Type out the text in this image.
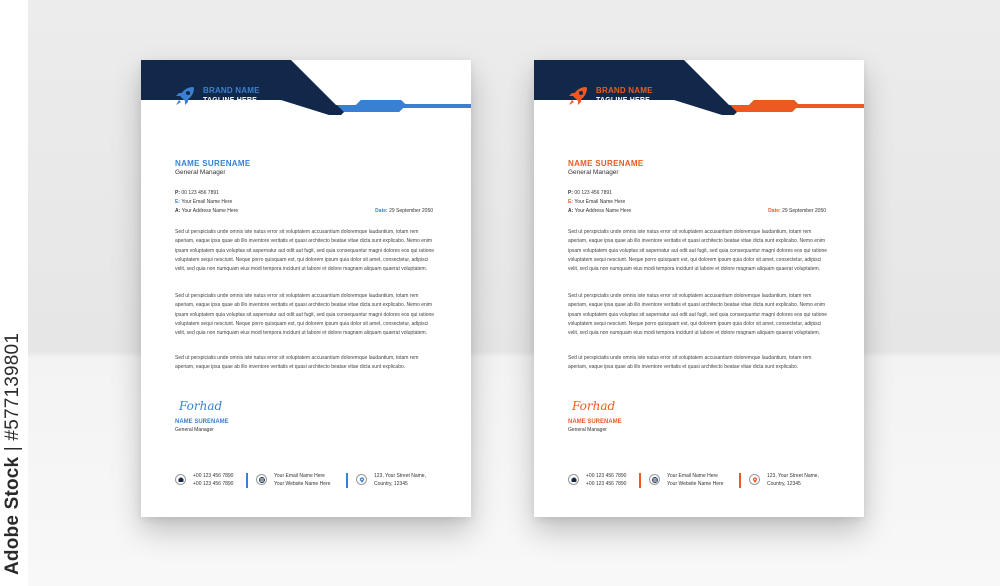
Adobe Stock | #577139801
BRAND NAME
TAGLINE HERE
NAME SURENAME
General Manager
P: 00 123 456 7891
E: Your Email Name Here
A: Your Address Name Here	Date: 29 September 2050

Sed ut perspiciatis unde omnis iste natus error sit voluptatem accusantium doloremque laudantium, totam rem aperiam, eaque ipsa quae ab illo inventore veritatis et quasi architecto beatae vitae dicta sunt explicabo. Nemo enim ipsam voluptatem quia voluptas sit aspernatur aut odit aut fugit, sed quia consequuntur magni dolores eos qui ratione voluptatem sequi nesciunt. Neque porro quisquam est, qui dolorem ipsum quia dolor sit amet, consectetur, adipisci velit, sed quia non numquam eius modi tempora incidunt ut labore et dolore magnam aliquam quaerat voluptatem.

Sed ut perspiciatis unde omnis iste natus error sit voluptatem accusantium doloremque laudantium, totam rem aperiam, eaque ipsa quae ab illo inventore veritatis et quasi architecto beatae vitae dicta sunt explicabo. Nemo enim ipsam voluptatem quia voluptas sit aspernatur aut odit aut fugit, sed quia consequuntur magni dolores eos qui ratione voluptatem sequi nesciunt. Neque porro quisquam est, qui dolorem ipsum quia dolor sit amet, consectetur, adipisci velit, sed quia non numquam eius modi tempora incidunt ut labore et dolore magnam aliquam quaerat voluptatem.

Sed ut perspiciatis unde omnis iste natus error sit voluptatem accusantium doloremque laudantium, totam rem aperiam, eaque ipsa quae ab illo inventore veritatis et quasi architecto beatae vitae dicta sunt explicabo.

Forhad
NAME SURENAME
General Manager
+00 123 456 7890
+00 123 456 7890
Your Email Name Here
Your Website Name Here
123, Your Street Name,
Country, 12345
BRAND NAME
TAGLINE HERE
NAME SURENAME
General Manager
P: 00 123 456 7891
E: Your Email Name Here
A: Your Address Name Here	Date: 29 September 2050

Sed ut perspiciatis unde omnis iste natus error sit voluptatem accusantium doloremque laudantium, totam rem aperiam, eaque ipsa quae ab illo inventore veritatis et quasi architecto beatae vitae dicta sunt explicabo. Nemo enim ipsam voluptatem quia voluptas sit aspernatur aut odit aut fugit, sed quia consequuntur magni dolores eos qui ratione voluptatem sequi nesciunt. Neque porro quisquam est, qui dolorem ipsum quia dolor sit amet, consectetur, adipisci velit, sed quia non numquam eius modi tempora incidunt ut labore et dolore magnam aliquam quaerat voluptatem.

Sed ut perspiciatis unde omnis iste natus error sit voluptatem accusantium doloremque laudantium, totam rem aperiam, eaque ipsa quae ab illo inventore veritatis et quasi architecto beatae vitae dicta sunt explicabo. Nemo enim ipsam voluptatem quia voluptas sit aspernatur aut odit aut fugit, sed quia consequuntur magni dolores eos qui ratione voluptatem sequi nesciunt. Neque porro quisquam est, qui dolorem ipsum quia dolor sit amet, consectetur, adipisci velit, sed quia non numquam eius modi tempora incidunt ut labore et dolore magnam aliquam quaerat voluptatem.

Sed ut perspiciatis unde omnis iste natus error sit voluptatem accusantium doloremque laudantium, totam rem aperiam, eaque ipsa quae ab illo inventore veritatis et quasi architecto beatae vitae dicta sunt explicabo.

Forhad
NAME SURENAME
General Manager
+00 123 456 7890
+00 123 456 7890
Your Email Name Here
Your Website Name Here
123, Your Street Name,
Country, 12345
